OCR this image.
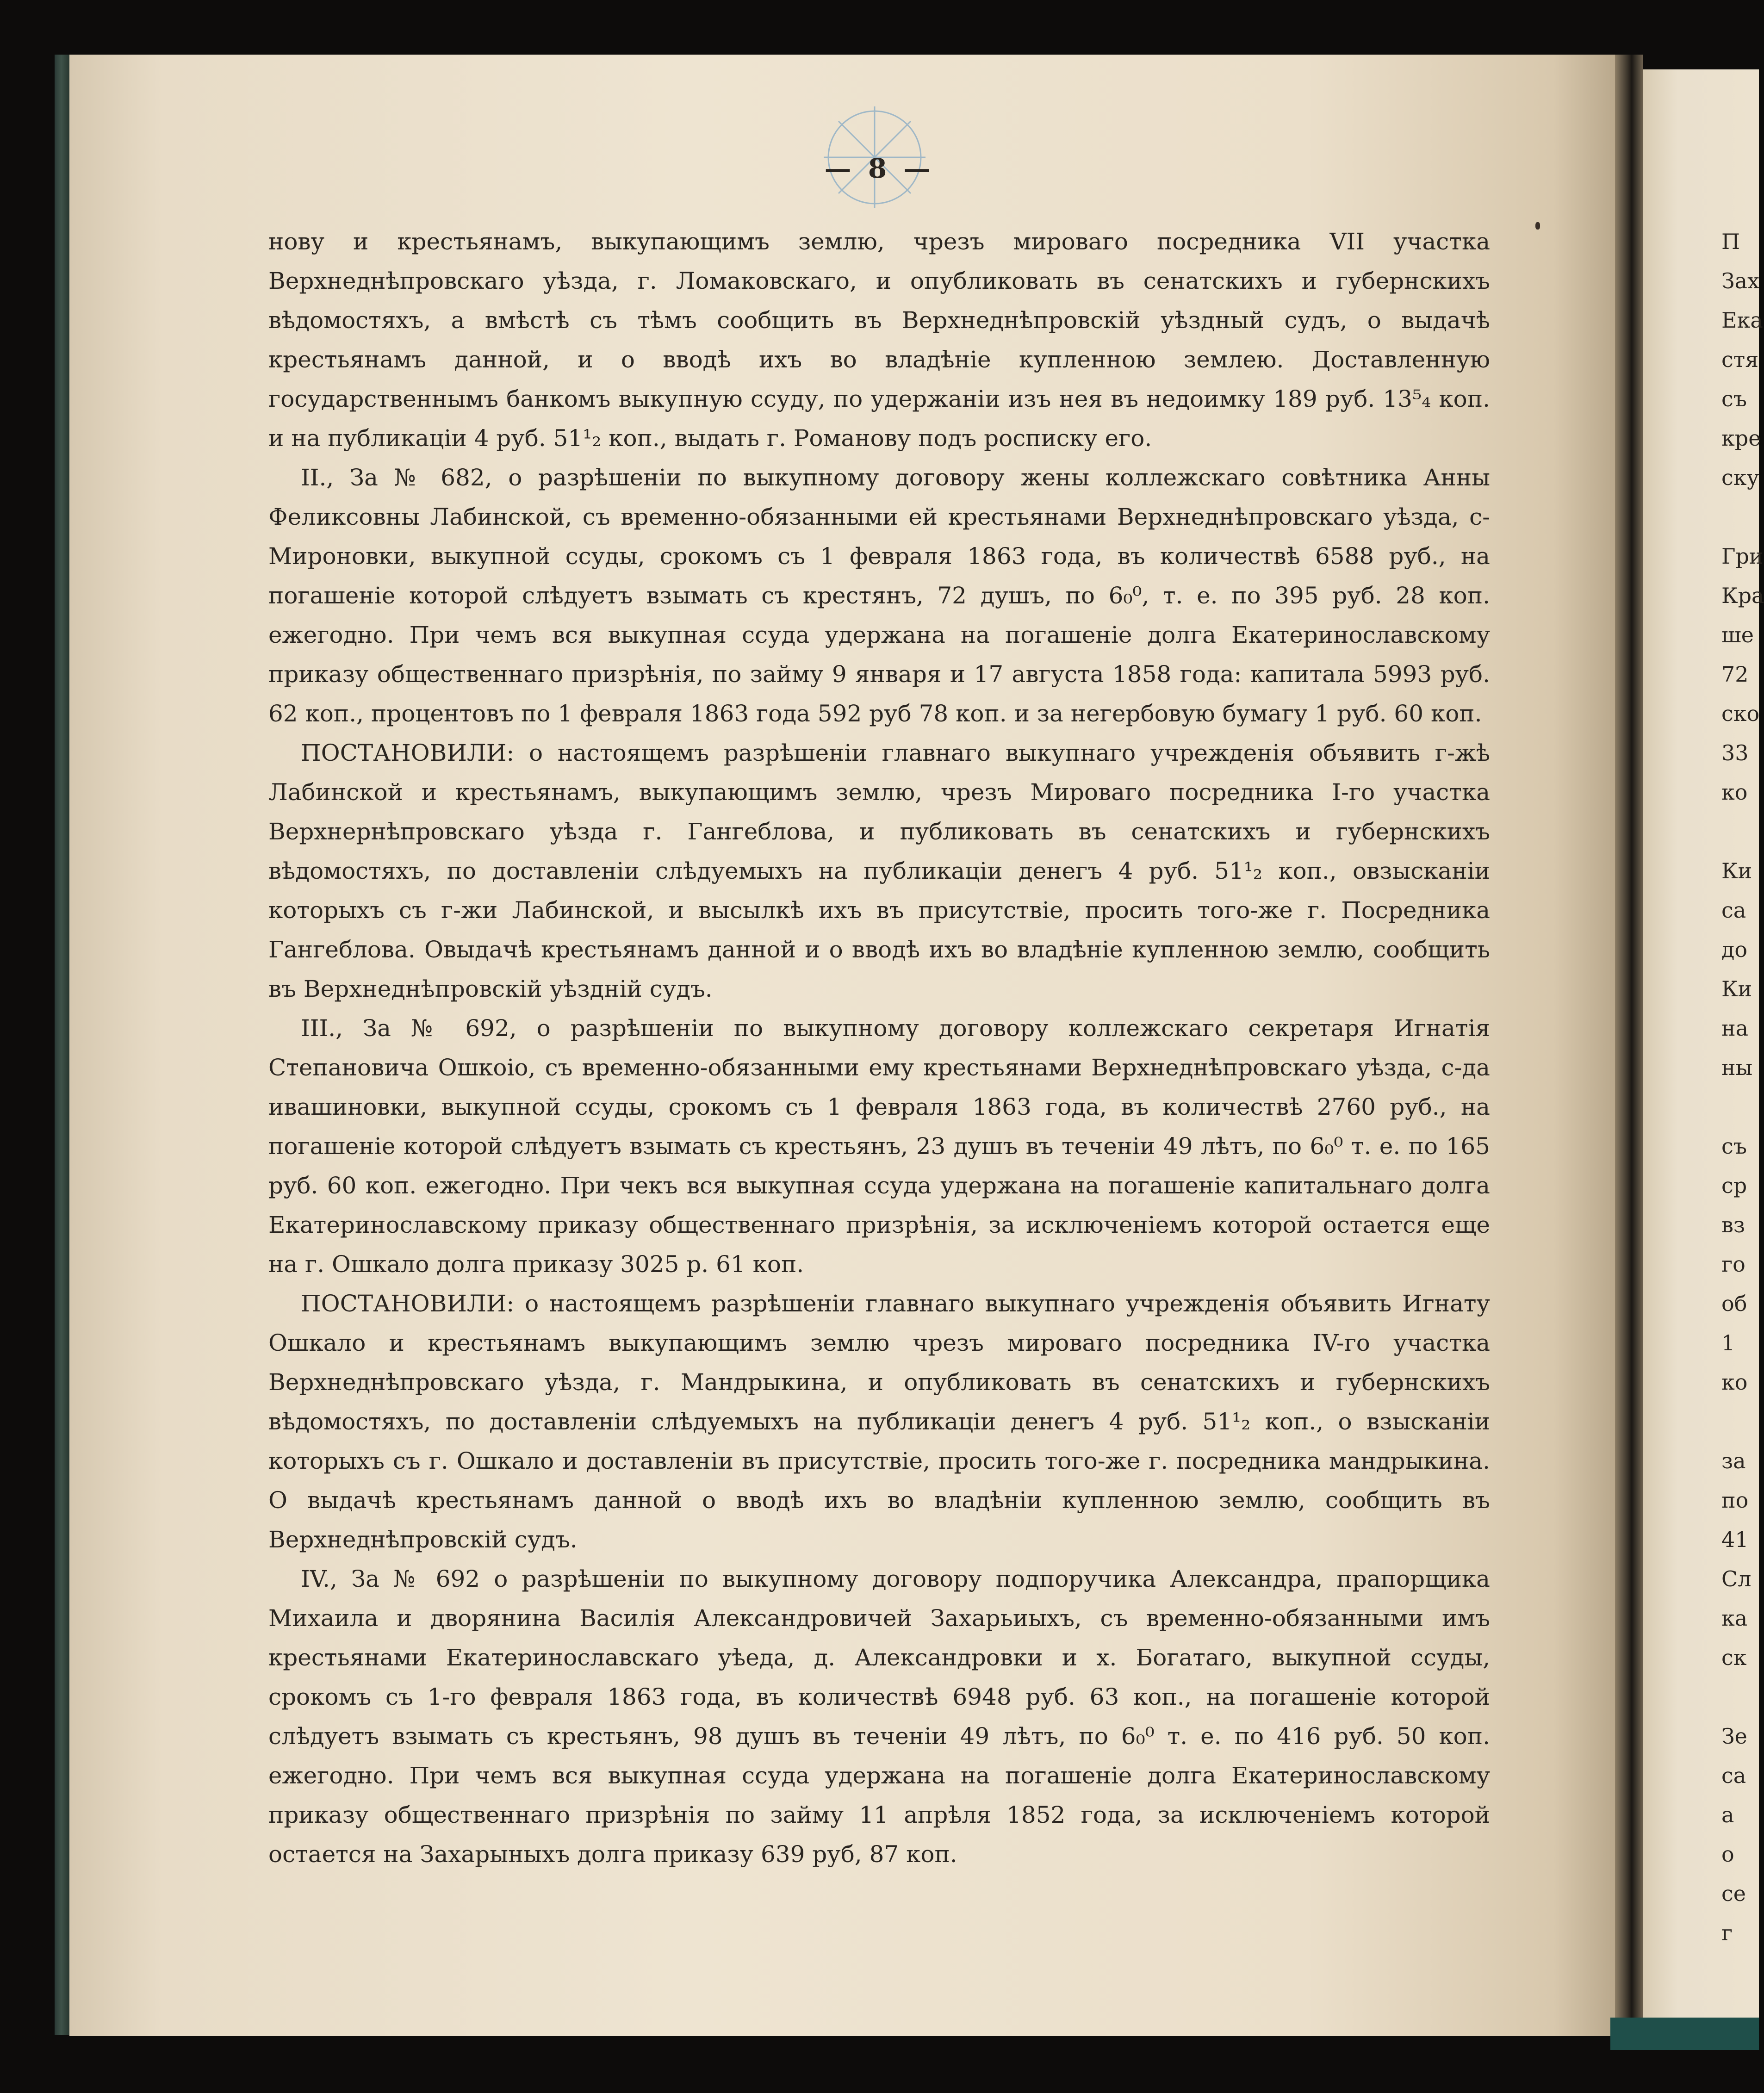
— 8 —

нову и крестьянамъ, выкупающимъ землю, чрезъ мироваго посредника VII участка Верхнеднѣпровскаго уѣзда, г. Ломаковскаго, и опубликовать въ сенатскихъ и губернскихъ вѣдомостяхъ, а вмѣстѣ съ тѣмъ сообщить въ Верхнеднѣпровскій уѣздный судъ, о выдачѣ крестьянамъ данной, и о вводѣ ихъ во владѣніе купленною землею. Доставленную государственнымъ банкомъ выкупную ссуду, по удержаніи изъ нея въ недоимку 189 руб. 13⁵₄ коп. и на публикаціи 4 руб. 51¹₂ коп., выдать г. Романову подъ росписку его.

II., За № 682, о разрѣшеніи по выкупному договору жены коллежскаго совѣтника Анны Феликсовны Лабинской, съ временно-обязанными ей крестьянами Верхнеднѣпровскаго уѣзда, с- Мироновки, выкупной ссуды, срокомъ съ 1 февраля 1863 года, въ количествѣ 6588 руб., на погашеніе которой слѣдуетъ взымать съ крестянъ, 72 душъ, по 6₀⁰, т. е. по 395 руб. 28 коп. ежегодно. При чемъ вся выкупная ссуда удержана на погашеніе долга Екатеринославскому приказу общественнаго призрѣнія, по займу 9 января и 17 августа 1858 года: капитала 5993 руб. 62 коп., процентовъ по 1 февраля 1863 года 592 руб 78 коп. и за негербовую бумагу 1 руб. 60 коп.

ПОСТАНОВИЛИ: о настоящемъ разрѣшеніи главнаго выкупнаго учрежденія объявить г-жѣ Лабинской и крестьянамъ, выкупающимъ землю, чрезъ Мироваго посредника I-го участка Верхнернѣпровскаго уѣзда г. Гангеблова, и публиковать въ сенатскихъ и губернскихъ вѣдомостяхъ, по доставленіи слѣдуемыхъ на публикаціи денегъ 4 руб. 51¹₂ коп., овзысканіи которыхъ съ г-жи Лабинской, и высылкѣ ихъ въ присутствіе, просить того-же г. Посредника Гангеблова. Овыдачѣ крестьянамъ данной и о вводѣ ихъ во владѣніе купленною землю, сообщить въ Верхнеднѣпровскій уѣздній судъ.

III., За № 692, о разрѣшеніи по выкупному договору коллежскаго секретаря Игнатія Степановича Ошкоіо, съ временно-обязанными ему крестьянами Верхнеднѣпровскаго уѣзда, с-да ивашиновки, выкупной ссуды, срокомъ съ 1 февраля 1863 года, въ количествѣ 2760 руб., на погашеніе которой слѣдуетъ взымать съ крестьянъ, 23 душъ въ теченіи 49 лѣтъ, по 6₀⁰ т. е. по 165 руб. 60 коп. ежегодно. При чекъ вся выкупная ссуда удержана на погашеніе капитальнаго долга Екатеринославскому приказу общественнаго призрѣнія, за исключеніемъ которой остается еще на г. Ошкало долга приказу 3025 р. 61 коп.

ПОСТАНОВИЛИ: о настоящемъ разрѣшеніи главнаго выкупнаго учрежденія объявить Игнату Ошкало и крестьянамъ выкупающимъ землю чрезъ мироваго посредника IV-го участка Верхнеднѣпровскаго уѣзда, г. Мандрыкина, и опубликовать въ сенатскихъ и губернскихъ вѣдомостяхъ, по доставленіи слѣдуемыхъ на публикаціи денегъ 4 руб. 51¹₂ коп., о взысканіи которыхъ съ г. Ошкало и доставленіи въ присутствіе, просить того-же г. посредника мандрыкина. О выдачѣ крестьянамъ данной о вводѣ ихъ во владѣніи купленною землю, сообщить въ Верхнеднѣпровскій судъ.

IV., За № 692 о разрѣшеніи по выкупному договору подпоручика Александра, прапорщика Михаила и дворянина Василія Александровичей Захарьиыхъ, съ временно-обязанными имъ крестьянами Екатеринославскаго уѣеда, д. Александровки и х. Богатаго, выкупной ссуды, срокомъ съ 1-го февраля 1863 года, въ количествѣ 6948 руб. 63 коп., на погашеніе которой слѣдуетъ взымать съ крестьянъ, 98 душъ въ теченіи 49 лѣтъ, по 6₀⁰ т. е. по 416 руб. 50 коп. ежегодно. При чемъ вся выкупная ссуда удержана на погашеніе долга Екатеринославскому приказу общественнаго призрѣнія по займу 11 апрѣля 1852 года, за исключеніемъ которой остается на Захарыныхъ долга приказу 639 руб, 87 коп.

П
Зах
Ека
стя
съ
кре
ску
Гри
Кра
ше
72
ско
33
ко
Ки
са
до
Ки
на
ны
съ
ср
вз
го
об
1
ко
за
по
41
Сл
ка
ск
Зе
са
а
о
се
г
